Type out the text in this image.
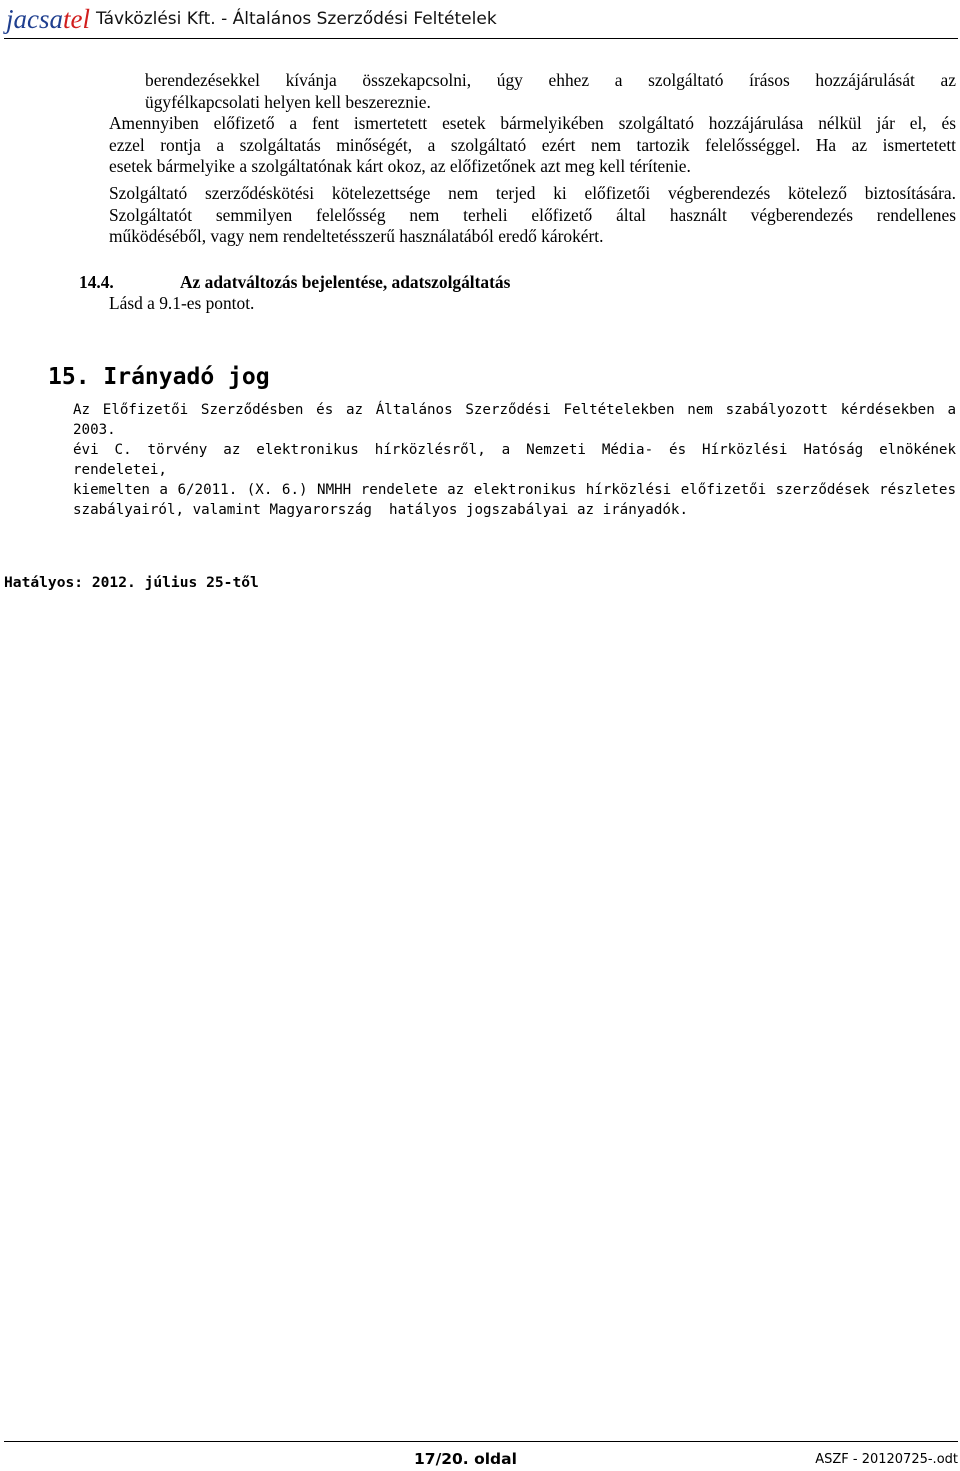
jacsatel Távközlési Kft. - Általános Szerződési Feltételek
berendezésekkel kívánja összekapcsolni, úgy ehhez a szolgáltató írásos hozzájárulását az
ügyfélkapcsolati helyen kell beszereznie.
Amennyiben előfizető a fent ismertetett esetek bármelyikében szolgáltató hozzájárulása nélkül jár el, és
ezzel rontja a szolgáltatás minőségét, a szolgáltató ezért nem tartozik felelősséggel. Ha az ismertetett
esetek bármelyike a szolgáltatónak kárt okoz, az előfizetőnek azt meg kell térítenie.
Szolgáltató szerződéskötési kötelezettsége nem terjed ki előfizetői végberendezés kötelező biztosítására.
Szolgáltatót semmilyen felelősség nem terheli előfizető által használt végberendezés rendellenes
működéséből, vagy nem rendeltetésszerű használatából eredő károkért.
14.4.	Az adatváltozás bejelentése, adatszolgáltatás
Lásd a 9.1-es pontot.
15. Irányadó jog
Az Előfizetői Szerződésben és az Általános Szerződési Feltételekben nem szabályozott kérdésekben a 2003.
évi C. törvény az elektronikus hírközlésről, a Nemzeti Média- és Hírközlési Hatóság elnökének rendeletei,
kiemelten a 6/2011. (X. 6.) NMHH rendelete az elektronikus hírközlési előfizetői szerződések részletes
szabályairól, valamint Magyarország  hatályos jogszabályai az irányadók.
Hatályos: 2012. július 25-től
17/20. oldal	ASZF - 20120725-.odt
